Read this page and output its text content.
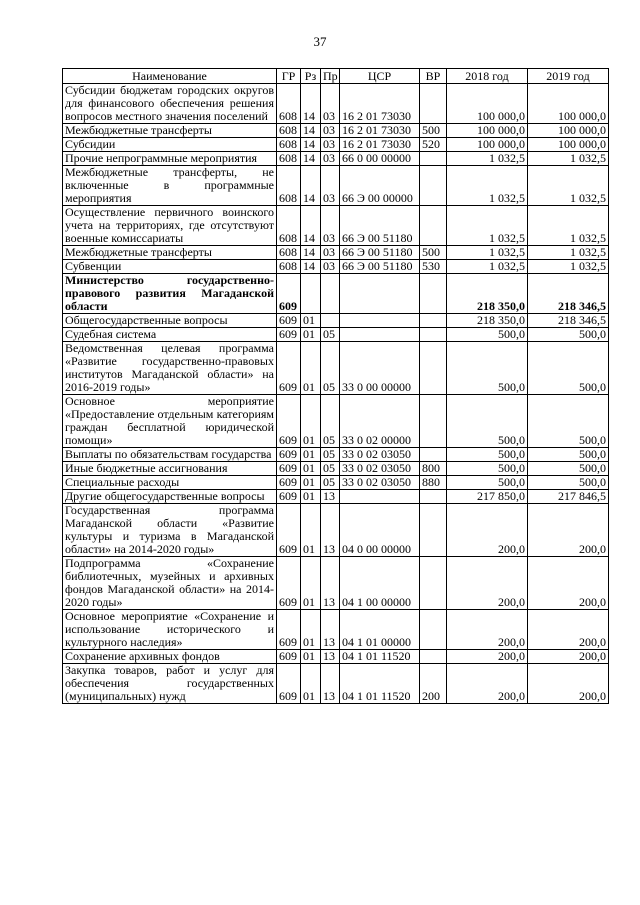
37
Наименование	ГР	Рз	Пр	ЦСР	ВР	2018 год	2019 год
Субсидии бюджетам городских округов для финансового обеспечения решения вопросов местного значения поселений	608	14	03	16 2 01 73030		100 000,0	100 000,0
Межбюджетные трансферты	608	14	03	16 2 01 73030	500	100 000,0	100 000,0
Субсидии	608	14	03	16 2 01 73030	520	100 000,0	100 000,0
Прочие непрограммные мероприятия	608	14	03	66 0 00 00000		1 032,5	1 032,5
Межбюджетные трансферты, не включенные в программные мероприятия	608	14	03	66 Э 00 00000		1 032,5	1 032,5
Осуществление первичного воинского учета на территориях, где отсутствуют военные комиссариаты	608	14	03	66 Э 00 51180		1 032,5	1 032,5
Межбюджетные трансферты	608	14	03	66 Э 00 51180	500	1 032,5	1 032,5
Субвенции	608	14	03	66 Э 00 51180	530	1 032,5	1 032,5
Министерство государственно-правового развития Магаданской области	609					218 350,0	218 346,5
Общегосударственные вопросы	609	01				218 350,0	218 346,5
Судебная система	609	01	05			500,0	500,0
Ведомственная целевая программа «Развитие государственно-правовых институтов Магаданской области» на 2016-2019 годы»	609	01	05	33 0 00 00000		500,0	500,0
Основное мероприятие «Предоставление отдельным категориям граждан бесплатной юридической помощи»	609	01	05	33 0 02 00000		500,0	500,0
Выплаты по обязательствам государства	609	01	05	33 0 02 03050		500,0	500,0
Иные бюджетные ассигнования	609	01	05	33 0 02 03050	800	500,0	500,0
Специальные расходы	609	01	05	33 0 02 03050	880	500,0	500,0
Другие общегосударственные вопросы	609	01	13			217 850,0	217 846,5
Государственная программа Магаданской области «Развитие культуры и туризма в Магаданской области» на 2014-2020 годы»	609	01	13	04 0 00 00000		200,0	200,0
Подпрограмма «Сохранение библиотечных, музейных и архивных фондов Магаданской области» на 2014-2020 годы»	609	01	13	04 1 00 00000		200,0	200,0
Основное мероприятие «Сохранение и использование исторического и культурного наследия»	609	01	13	04 1 01 00000		200,0	200,0
Сохранение архивных фондов	609	01	13	04 1 01 11520		200,0	200,0
Закупка товаров, работ и услуг для обеспечения государственных (муниципальных) нужд	609	01	13	04 1 01 11520	200	200,0	200,0
